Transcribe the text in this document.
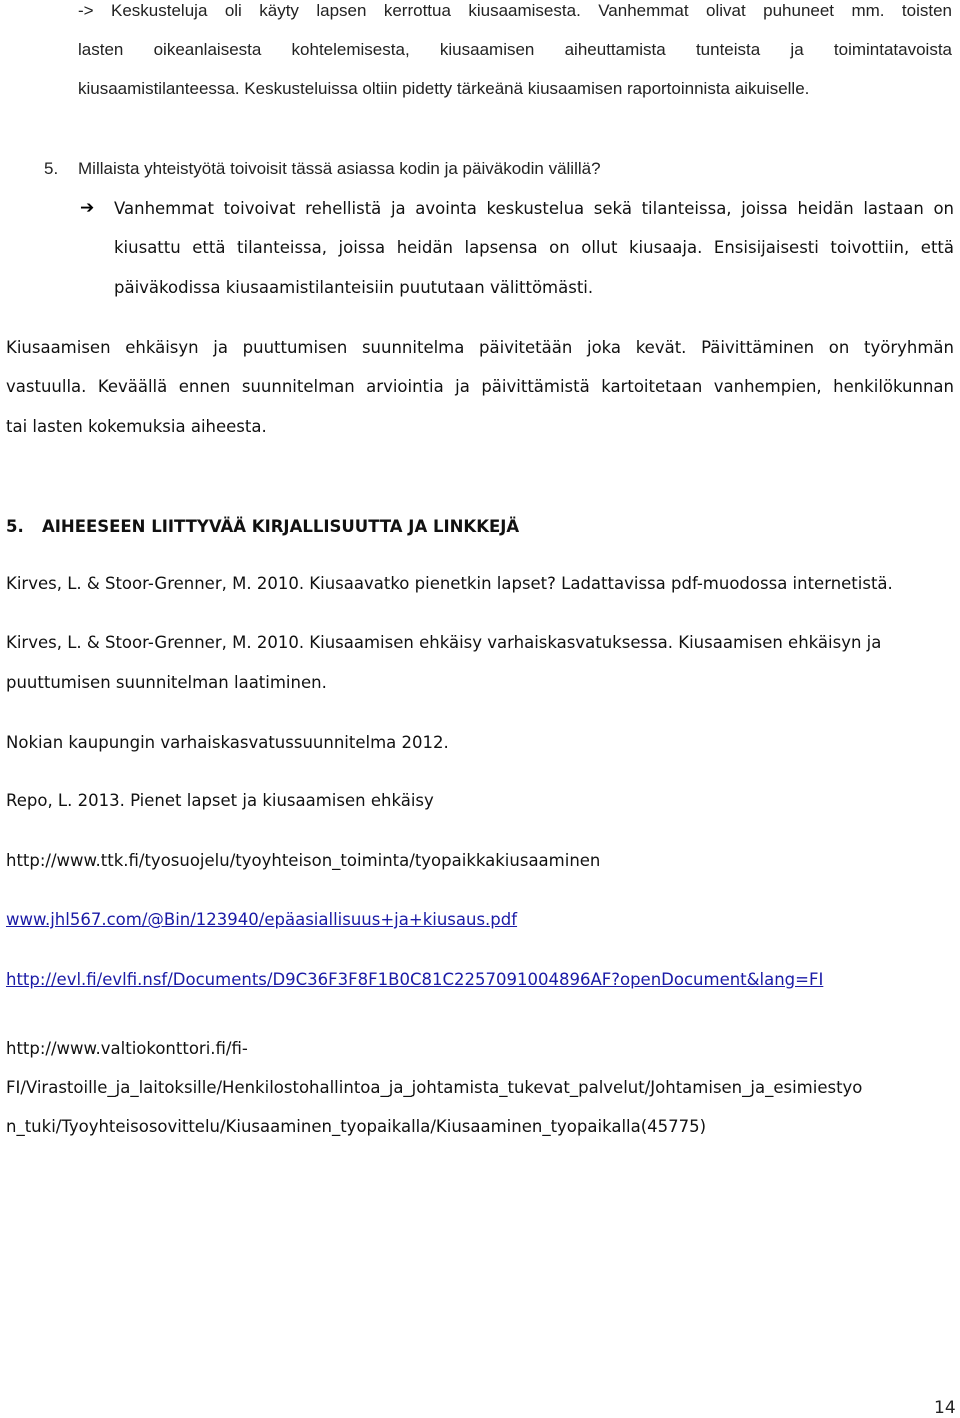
-> Keskusteluja oli käyty lapsen kerrottua kiusaamisesta. Vanhemmat olivat puhuneet mm. toisten
lasten oikeanlaisesta kohtelemisesta, kiusaamisen aiheuttamista tunteista ja toimintatavoista
kiusaamistilanteessa. Keskusteluissa oltiin pidetty tärkeänä kiusaamisen raportoinnista aikuiselle.
5. Millaista yhteistyötä toivoisit tässä asiassa kodin ja päiväkodin välillä?
➔ Vanhemmat toivoivat rehellistä ja avointa keskustelua sekä tilanteissa, joissa heidän lastaan on
kiusattu että tilanteissa, joissa heidän lapsensa on ollut kiusaaja. Ensisijaisesti toivottiin, että
päiväkodissa kiusaamistilanteisiin puututaan välittömästi.
Kiusaamisen ehkäisyn ja puuttumisen suunnitelma päivitetään joka kevät. Päivittäminen on työryhmän
vastuulla. Keväällä ennen suunnitelman arviointia ja päivittämistä kartoitetaan vanhempien, henkilökunnan
tai lasten kokemuksia aiheesta.
5. AIHEESEEN LIITTYVÄÄ KIRJALLISUUTTA JA LINKKEJÄ
Kirves, L. & Stoor-Grenner, M. 2010. Kiusaavatko pienetkin lapset? Ladattavissa pdf-muodossa internetistä.
Kirves, L. & Stoor-Grenner, M. 2010. Kiusaamisen ehkäisy varhaiskasvatuksessa. Kiusaamisen ehkäisyn ja
puuttumisen suunnitelman laatiminen.
Nokian kaupungin varhaiskasvatussuunnitelma 2012.
Repo, L. 2013. Pienet lapset ja kiusaamisen ehkäisy
http://www.ttk.fi/tyosuojelu/tyoyhteison_toiminta/tyopaikkakiusaaminen
www.jhl567.com/@Bin/123940/epäasiallisuus+ja+kiusaus.pdf
http://evl.fi/evlfi.nsf/Documents/D9C36F3F8F1B0C81C2257091004896AF?openDocument&lang=FI
http://www.valtiokonttori.fi/fi-
FI/Virastoille_ja_laitoksille/Henkilostohallintoa_ja_johtamista_tukevat_palvelut/Johtamisen_ja_esimiestyo
n_tuki/Tyoyhteisosovittelu/Kiusaaminen_tyopaikalla/Kiusaaminen_tyopaikalla(45775)
14
